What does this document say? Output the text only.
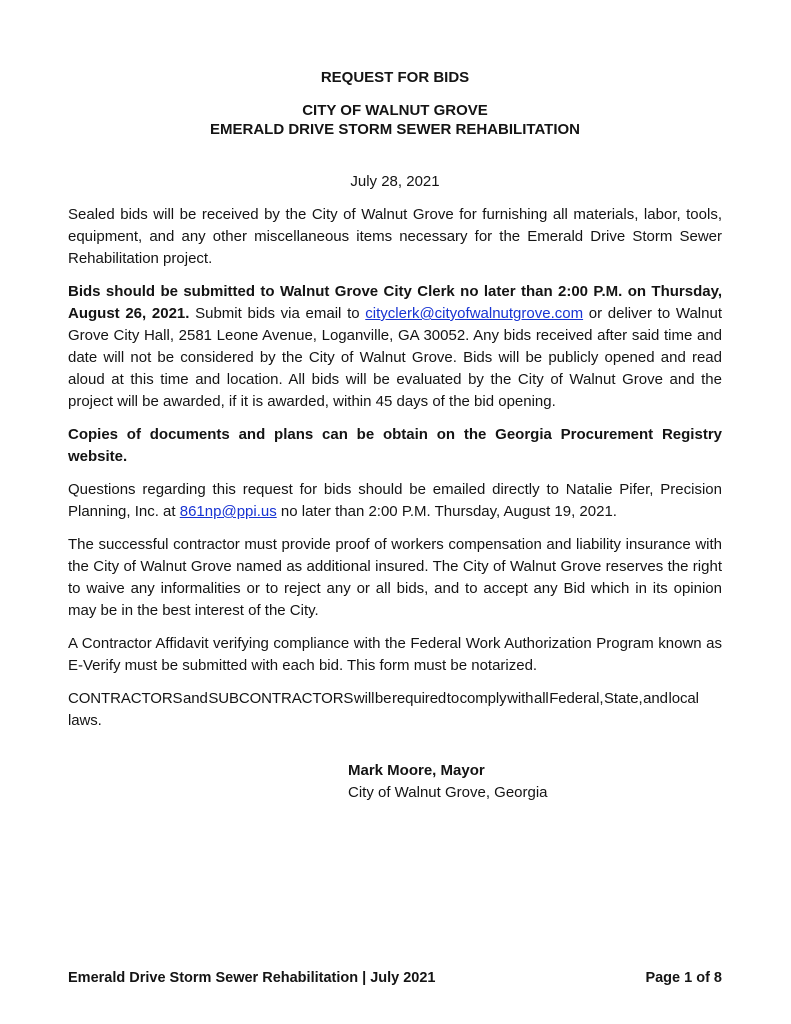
REQUEST FOR BIDS
CITY OF WALNUT GROVE
EMERALD DRIVE STORM SEWER REHABILITATION
July 28, 2021

Sealed bids will be received by the City of Walnut Grove for furnishing all materials, labor, tools, equipment, and any other miscellaneous items necessary for the Emerald Drive Storm Sewer Rehabilitation project.

Bids should be submitted to Walnut Grove City Clerk no later than 2:00 P.M. on Thursday, August 26, 2021. Submit bids via email to cityclerk@cityofwalnutgrove.com or deliver to Walnut Grove City Hall, 2581 Leone Avenue, Loganville, GA 30052. Any bids received after said time and date will not be considered by the City of Walnut Grove. Bids will be publicly opened and read aloud at this time and location. All bids will be evaluated by the City of Walnut Grove and the project will be awarded, if it is awarded, within 45 days of the bid opening.

Copies of documents and plans can be obtain on the Georgia Procurement Registry website.

Questions regarding this request for bids should be emailed directly to Natalie Pifer, Precision Planning, Inc. at 861np@ppi.us no later than 2:00 P.M. Thursday, August 19, 2021.

The successful contractor must provide proof of workers compensation and liability insurance with the City of Walnut Grove named as additional insured. The City of Walnut Grove reserves the right to waive any informalities or to reject any or all bids, and to accept any Bid which in its opinion may be in the best interest of the City.

A Contractor Affidavit verifying compliance with the Federal Work Authorization Program known as E-Verify must be submitted with each bid. This form must be notarized.

CONTRACTORS and SUBCONTRACTORS will be required to comply with all Federal, State, and local laws.

Mark Moore, Mayor
City of Walnut Grove, Georgia
Emerald Drive Storm Sewer Rehabilitation | July 2021	Page 1 of 8
